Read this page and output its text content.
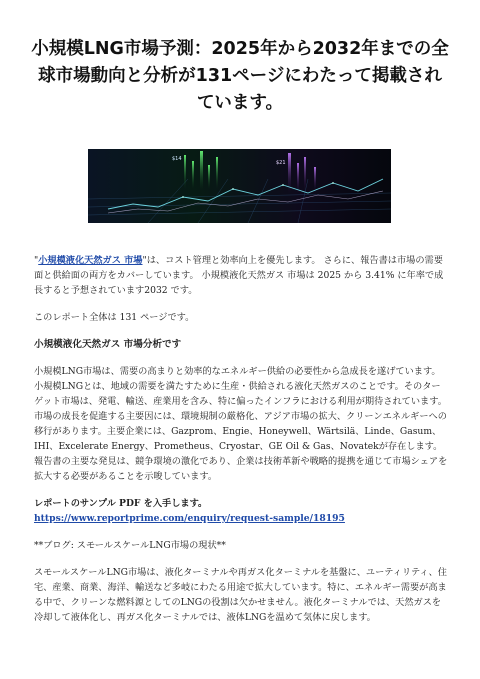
小規模LNG市場予測：2025年から2032年までの全球市場動向と分析が131ページにわたって掲載されています。
$14
$21

"小規模液化天然ガス 市場"は、コスト管理と効率向上を優先します。 さらに、報告書は市場の需要面と供給面の両方をカバーしています。 小規模液化天然ガス 市場は 2025 から 3.41% に年率で成長すると予想されています2032 です。

このレポート全体は 131 ページです。

小規模液化天然ガス 市場分析です

小規模LNG市場は、需要の高まりと効率的なエネルギー供給の必要性から急成長を遂げています。小規模LNGとは、地域の需要を満たすために生産・供給される液化天然ガスのことです。そのターゲット市場は、発電、輸送、産業用を含み、特に偏ったインフラにおける利用が期待されています。市場の成長を促進する主要因には、環境規制の厳格化、アジア市場の拡大、クリーンエネルギーへの移行があります。主要企業には、Gazprom、Engie、Honeywell、Wärtsilä、Linde、Gasum、IHI、Excelerate Energy、Prometheus、Cryostar、GE Oil & Gas、Novatekが存在します。報告書の主要な発見は、競争環境の激化であり、企業は技術革新や戦略的提携を通じて市場シェアを拡大する必要があることを示唆しています。

レポートのサンプル PDF を入手します。  https://www.reportprime.com/enquiry/request-sample/18195

**ブログ: スモールスケールLNG市場の現状**

スモールスケールLNG市場は、液化ターミナルや再ガス化ターミナルを基盤に、ユーティリティ、住宅、産業、商業、海洋、輸送など多岐にわたる用途で拡大しています。特に、エネルギー需要が高まる中で、クリーンな燃料源としてのLNGの役割は欠かせません。液化ターミナルでは、天然ガスを冷却して液体化し、再ガス化ターミナルでは、液体LNGを温めて気体に戻します。
